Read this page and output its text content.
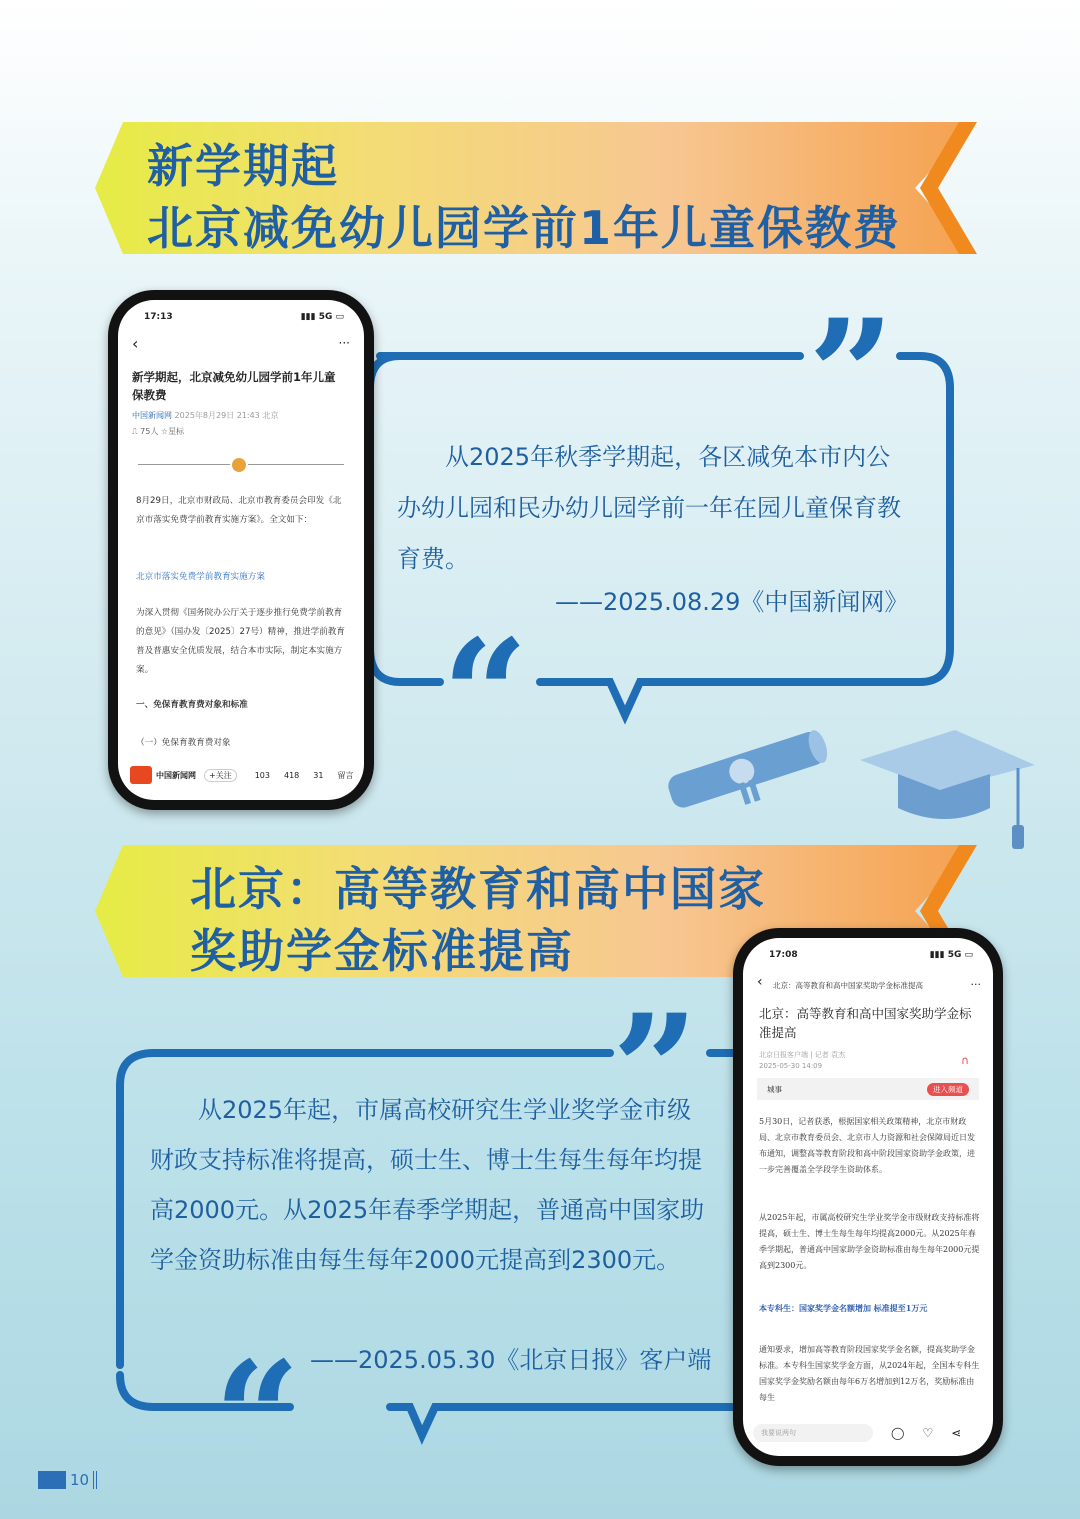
新学期起
北京减免幼儿园学前1年儿童保教费
”
“

从2025年秋季学期起，各区减免本市内公办幼儿园和民办幼儿园学前一年在园儿童保育教育费。

——2025.08.29《中国新闻网》
17:13	▮▮▮ 5G ▭
‹	···
新学期起，北京减免幼儿园学前1年儿童保教费
中国新闻网 2025年8月29日 21:43 北京
⎍ 75人 ☆星标
8月29日，北京市财政局、北京市教育委员会印发《北京市落实免费学前教育实施方案》。全文如下：
北京市落实免费学前教育实施方案
为深入贯彻《国务院办公厅关于逐步推行免费学前教育的意见》（国办发〔2025〕27号）精神，推进学前教育普及普惠安全优质发展，结合本市实际，制定本实施方案。
一、免保育教育费对象和标准
（一）免保育教育费对象
中国新闻网	+关注	103 418 31 留言
北京：高等教育和高中国家
奖助学金标准提高
”
“

从2025年起，市属高校研究生学业奖学金市级财政支持标准将提高，硕士生、博士生每生每年均提高2000元。从2025年春季学期起，普通高中国家助学金资助标准由每生每年2000元提高到2300元。

——2025.05.30《北京日报》客户端
17:08	▮▮▮ 5G ▭
‹ 北京：高等教育和高中国家奖助学金标准提高	···
北京：高等教育和高中国家奖助学金标准提高
北京日报客户端 | 记者 袁杰
2025-05-30 14:09	∩
城事	进入频道
5月30日，记者获悉，根据国家相关政策精神，北京市财政局、北京市教育委员会、北京市人力资源和社会保障局近日发布通知，调整高等教育阶段和高中阶段国家资助学金政策，进一步完善覆盖全学段学生资助体系。
从2025年起，市属高校研究生学业奖学金市级财政支持标准将提高，硕士生、博士生每生每年均提高2000元。从2025年春季学期起，普通高中国家助学金资助标准由每生每年2000元提高到2300元。
本专科生：国家奖学金名额增加 标准提至1万元
通知要求，增加高等教育阶段国家奖学金名额，提高奖助学金标准。本专科生国家奖学金方面，从2024年起，全国本专科生国家奖学金奖励名额由每年6万名增加到12万名，奖励标准由每生
我要说两句	◯ ♡ ⋖
10
